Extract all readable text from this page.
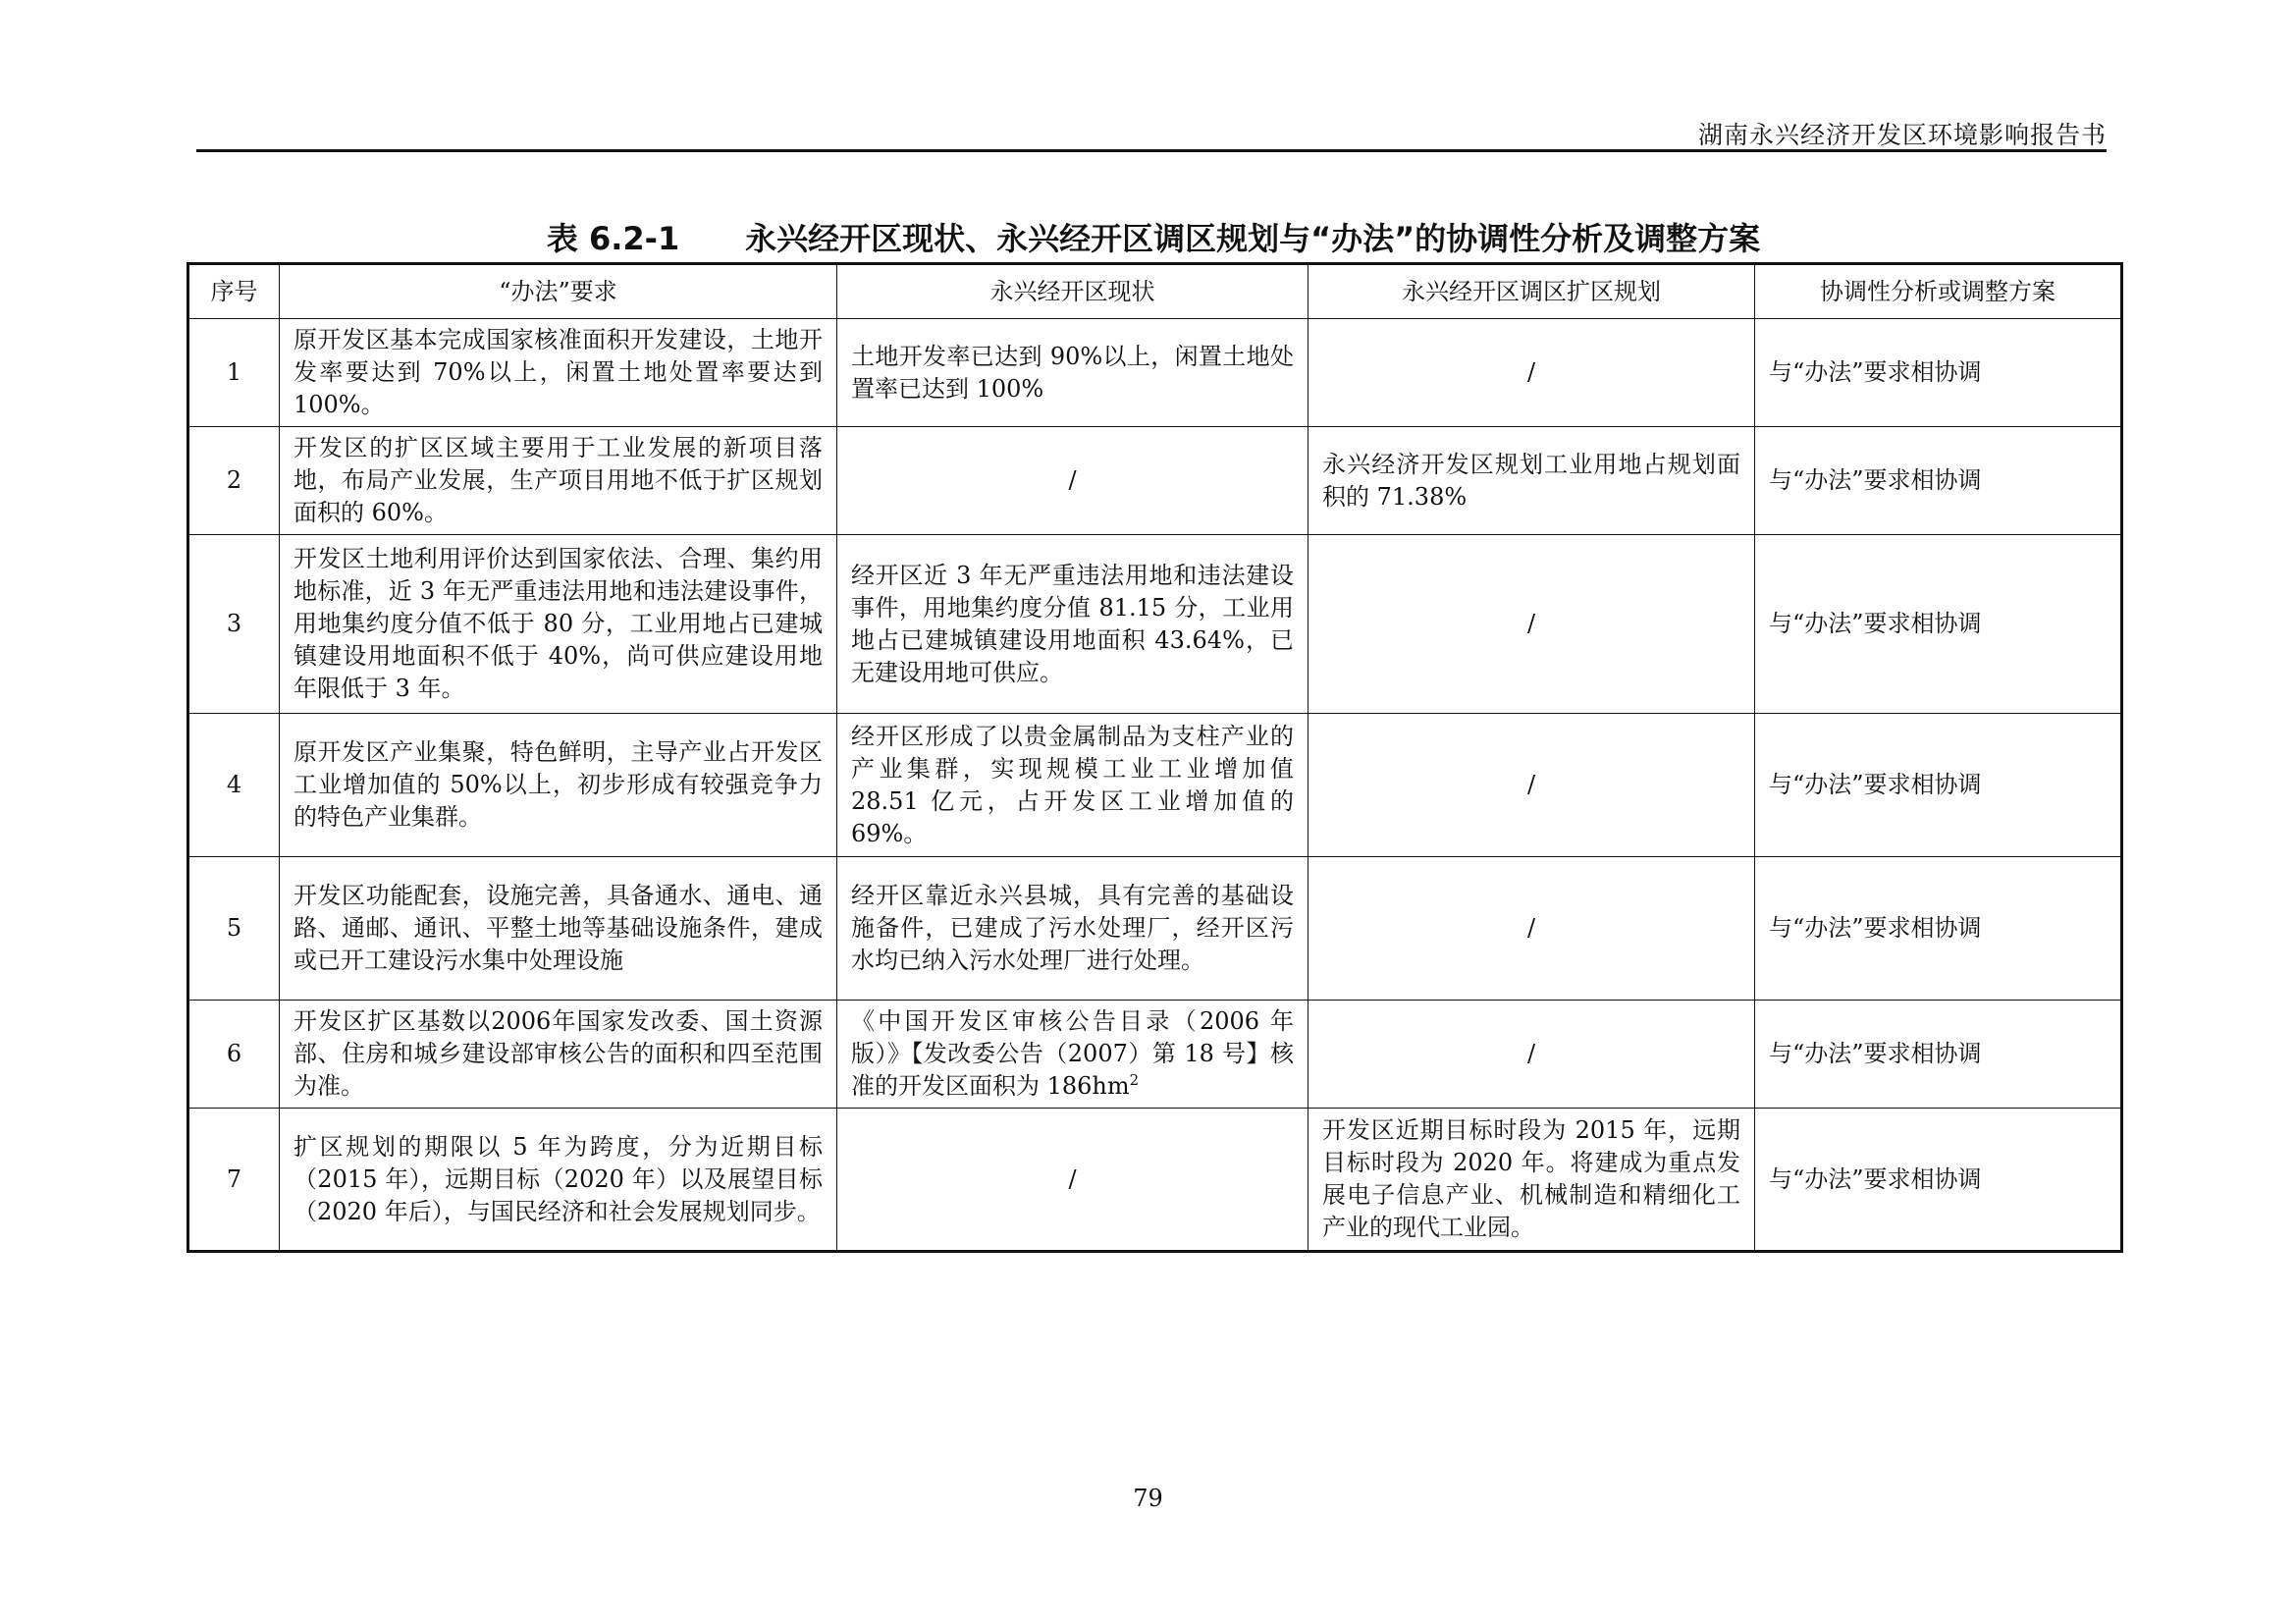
湖南永兴经济开发区环境影响报告书
表 6.2-1      永兴经开区现状、永兴经开区调区规划与“办法”的协调性分析及调整方案
序号	“办法”要求	永兴经开区现状	永兴经开区调区扩区规划	协调性分析或调整方案
1	原开发区基本完成国家核准面积开发建设，土地开发率要达到 70%以上，闲置土地处置率要达到 100%。	土地开发率已达到 90%以上，闲置土地处置率已达到 100%	/	与“办法”要求相协调
2	开发区的扩区区域主要用于工业发展的新项目落地，布局产业发展，生产项目用地不低于扩区规划面积的 60%。	/	永兴经济开发区规划工业用地占规划面积的 71.38%	与“办法”要求相协调
3	开发区土地利用评价达到国家依法、合理、集约用地标准，近 3 年无严重违法用地和违法建设事件，用地集约度分值不低于 80 分，工业用地占已建城镇建设用地面积不低于 40%，尚可供应建设用地年限低于 3 年。	经开区近 3 年无严重违法用地和违法建设事件，用地集约度分值 81.15 分，工业用地占已建城镇建设用地面积 43.64%，已无建设用地可供应。	/	与“办法”要求相协调
4	原开发区产业集聚，特色鲜明，主导产业占开发区工业增加值的 50%以上，初步形成有较强竞争力的特色产业集群。	经开区形成了以贵金属制品为支柱产业的产业集群，实现规模工业工业增加值 28.51 亿元，占开发区工业增加值的 69%。	/	与“办法”要求相协调
5	开发区功能配套，设施完善，具备通水、通电、通路、通邮、通讯、平整土地等基础设施条件，建成或已开工建设污水集中处理设施	经开区靠近永兴县城，具有完善的基础设施备件，已建成了污水处理厂，经开区污水均已纳入污水处理厂进行处理。	/	与“办法”要求相协调
6	开发区扩区基数以2006年国家发改委、国土资源部、住房和城乡建设部审核公告的面积和四至范围为准。	《中国开发区审核公告目录（2006 年版）》【发改委公告（2007）第 18 号】核准的开发区面积为 $186hm^2$	/	与“办法”要求相协调
7	扩区规划的期限以 5 年为跨度，分为近期目标（2015 年），远期目标（2020 年）以及展望目标（2020 年后），与国民经济和社会发展规划同步。	/	开发区近期目标时段为 2015 年，远期目标时段为 2020 年。将建成为重点发展电子信息产业、机械制造和精细化工产业的现代工业园。	与“办法”要求相协调
79
